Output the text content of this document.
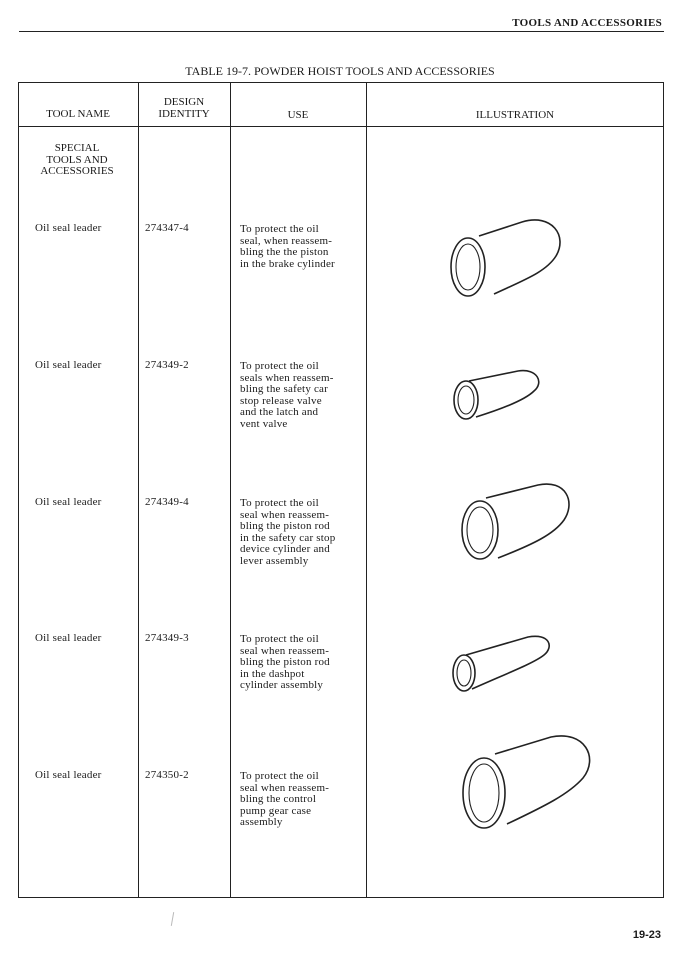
TOOLS AND ACCESSORIES
TABLE 19-7. POWDER HOIST TOOLS AND ACCESSORIES
TOOL NAME
DESIGN
IDENTITY	USE	ILLUSTRATION
SPECIAL
TOOLS AND
ACCESSORIES
Oil seal leader	274347-4	To protect the oil
seal, when reassem-
bling the the piston
in the brake cylinder
Oil seal leader	274349-2	To protect the oil
seals when reassem-
bling the safety car
stop release valve
and the latch and
vent valve
Oil seal leader	274349-4	To protect the oil
seal when reassem-
bling the piston rod
in the safety car stop
device cylinder and
lever assembly
Oil seal leader	274349-3	To protect the oil
seal when reassem-
bling the piston rod
in the dashpot
cylinder assembly
Oil seal leader	274350-2	To protect the oil
seal when reassem-
bling the control
pump gear case
assembly
19-23
